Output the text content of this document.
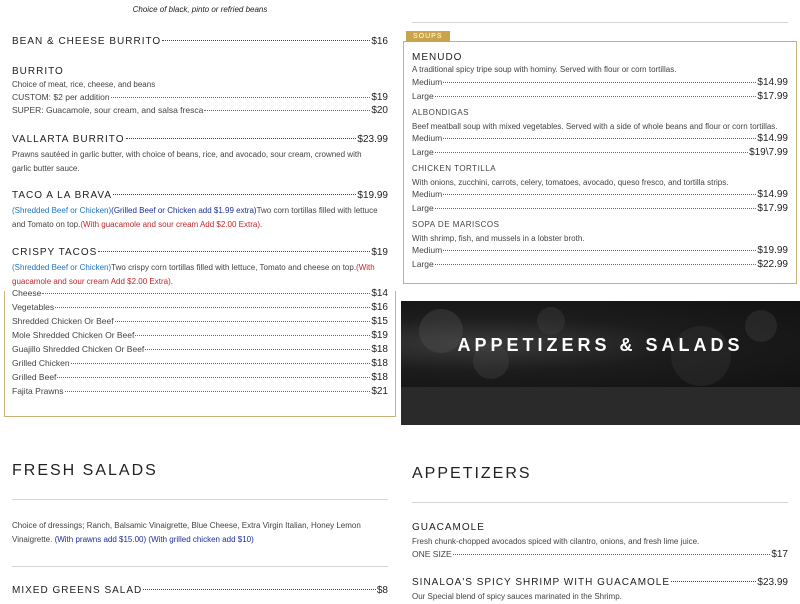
Choice of black, pinto or refried beans
BEAN & CHEESE BURRITO	$16
BURRITO
Choice of meat, rice, cheese, and beans
CUSTOM: $2 per addition	$19
SUPER: Guacamole, sour cream, and salsa fresca	$20
VALLARTA BURRITO	$23.99
Prawns sautéed in garlic butter, with choice of beans, rice, and avocado, sour cream, crowned with garlic butter sauce.
TACO A LA BRAVA	$19.99
(Shredded Beef or Chicken)(Grilled Beef or Chicken add $1.99 extra)Two corn tortillas filled with lettuce and Tomato on top.(With guacamole and sour cream Add $2.00 Extra).
CRISPY TACOS	$19
(Shredded Beef or Chicken)Two crispy corn tortillas filled with lettuce, Tomato and cheese on top.(With guacamole and sour cream Add $2.00 Extra).
Cheese	$14
Vegetables	$16
Shredded Chicken Or Beef	$15
Mole Shredded Chicken Or Beef	$19
Guajillo Shredded Chicken Or Beef	$18
Grilled Chicken	$18
Grilled Beef	$18
Fajita Prawns	$21
SOUPS
MENUDO
A traditional spicy tripe soup with hominy. Served with flour or corn tortillas.
Medium	$14.99
Large	$17.99
ALBONDIGAS
Beef meatball soup with mixed vegetables. Served with a side of whole beans and flour or corn tortillas.
Medium	$14.99
Large	$19\7.99
CHICKEN TORTILLA
With onions, zucchini, carrots, celery, tomatoes, avocado, queso fresco, and tortilla strips.
Medium	$14.99
Large	$17.99
SOPA DE MARISCOS
With shrimp, fish, and mussels in a lobster broth.
Medium	$19.99
Large	$22.99
APPETIZERS & SALADS
FRESH SALADS
Choice of dressings; Ranch, Balsamic Vinaigrette, Blue Cheese, Extra Virgin Italian, Honey Lemon Vinaigrette. (With prawns add $15.00) (With grilled chicken add $10)
MIXED GREENS SALAD	$8
APPETIZERS
GUACAMOLE
Fresh chunk-chopped avocados spiced with cilantro, onions, and fresh lime juice.
ONE SIZE	$17
SINALOA'S SPICY SHRIMP WITH GUACAMOLE	$23.99
Our Special blend of spicy sauces marinated in the Shrimp.
